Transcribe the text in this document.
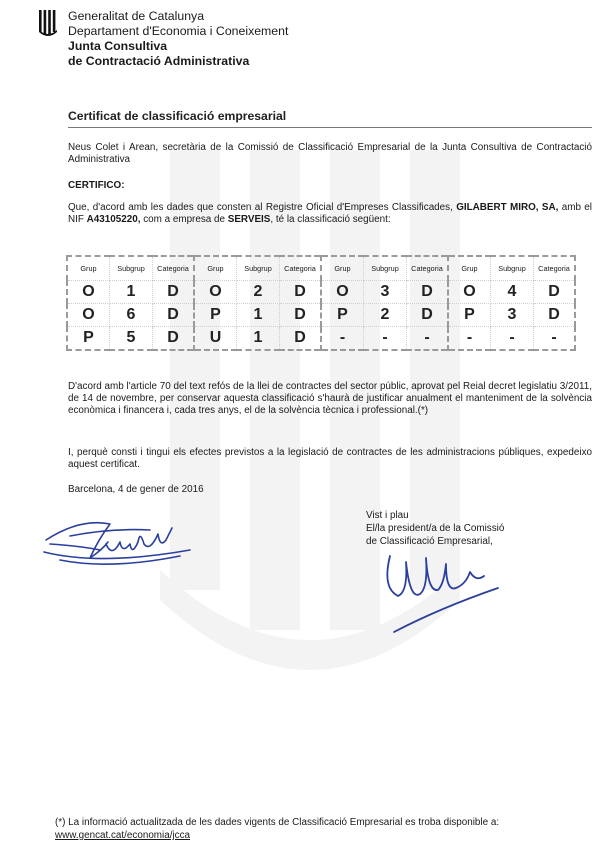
Generalitat de Catalunya
Departament d'Economia i Coneixement
Junta Consultiva
de Contractació Administrativa
Certificat de classificació empresarial
Neus Colet i Arean, secretària de la Comissió de Classificació Empresarial de la Junta Consultiva de Contractació Administrativa
CERTIFICO:
Que, d'acord amb les dades que consten al Registre Oficial d'Empreses Classificades, GILABERT MIRO, SA, amb el NIF A43105220, com a empresa de SERVEIS, té la classificació següent:
Grup	Subgrup	Categoria	Grup	Subgrup	Categoria	Grup	Subgrup	Categoria	Grup	Subgrup	Categoria
O	1	D	O	2	D	O	3	D	O	4	D
O	6	D	P	1	D	P	2	D	P	3	D
P	5	D	U	1	D	-	-	-	-	-	-
D'acord amb l'article 70 del text refós de la llei de contractes del sector públic, aprovat pel Reial decret legislatiu 3/2011, de 14 de novembre, per conservar aquesta classificació s'haurà de justificar anualment el manteniment de la solvència econòmica i financera i, cada tres anys, el de la solvència tècnica i professional.(*)
I, perquè consti i tingui els efectes previstos a la legislació de contractes de les administracions públiques, expedeixo aquest certificat.
Barcelona, 4 de gener de 2016
Vist i plau
El/la president/a de la Comissió
de Classificació Empresarial,
(*) La informació actualitzada de les dades vigents de Classificació Empresarial es troba disponible a:
www.gencat.cat/economia/jcca
